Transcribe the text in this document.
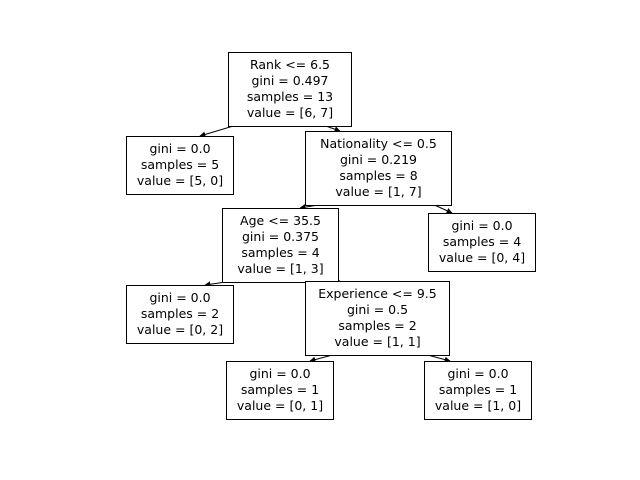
Rank <= 6.5
gini = 0.497
samples = 13
value = [6, 7]
gini = 0.0
samples = 5
value = [5, 0]
Nationality <= 0.5
gini = 0.219
samples = 8
value = [1, 7]
Age <= 35.5
gini = 0.375
samples = 4
value = [1, 3]
gini = 0.0
samples = 4
value = [0, 4]
gini = 0.0
samples = 2
value = [0, 2]
Experience <= 9.5
gini = 0.5
samples = 2
value = [1, 1]
gini = 0.0
samples = 1
value = [0, 1]
gini = 0.0
samples = 1
value = [1, 0]
